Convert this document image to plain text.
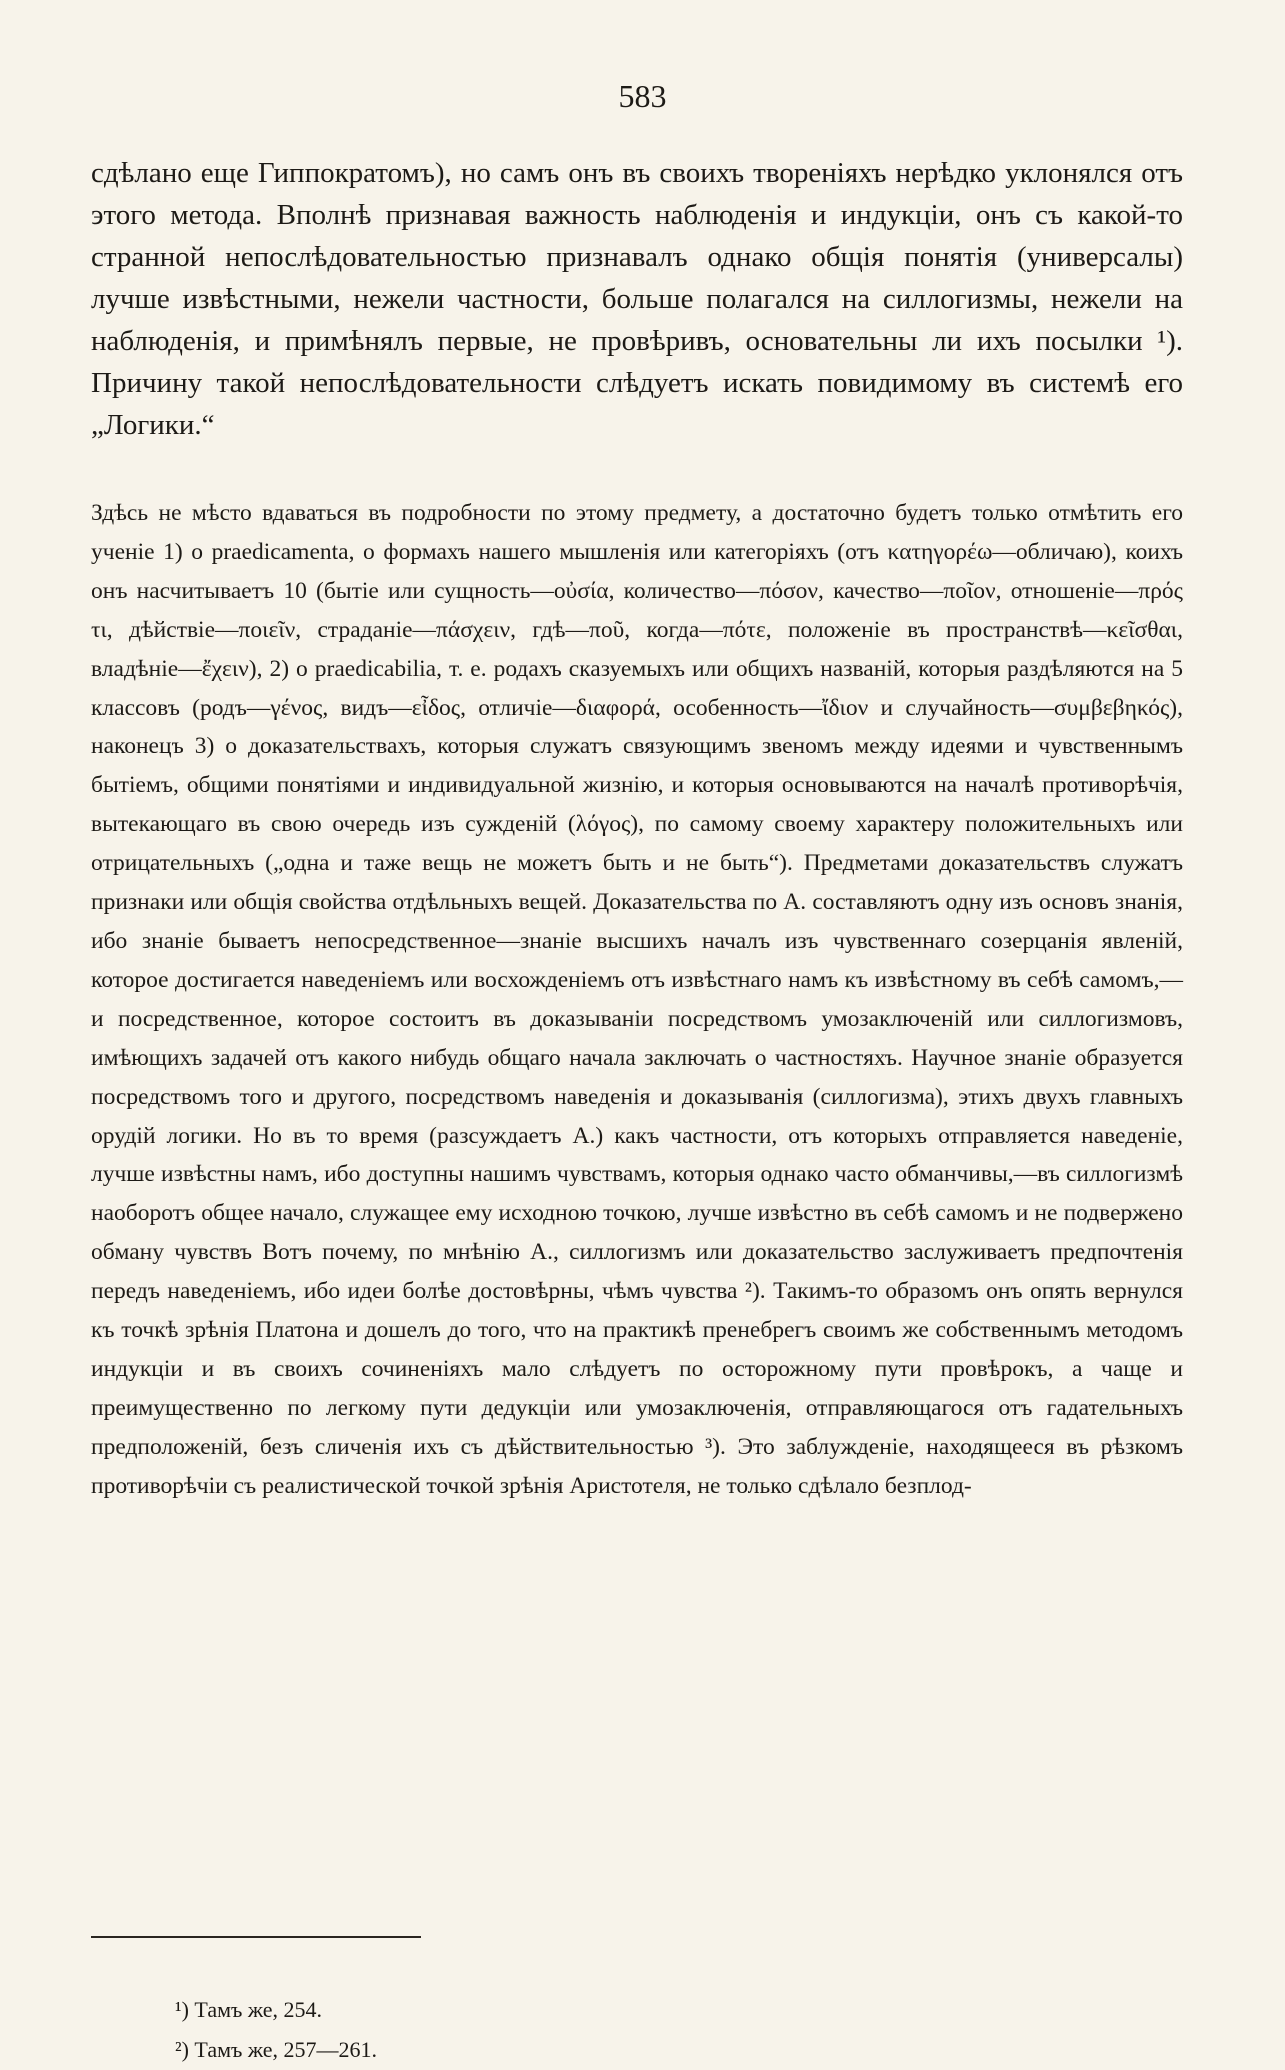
583

сдѣлано еще Гиппократомъ), но самъ онъ въ своихъ твореніяхъ нерѣдко уклонялся отъ этого метода. Вполнѣ признавая важность наблюденія и индукціи, онъ съ какой-то странной непослѣдовательностью признавалъ однако общія понятія (универсалы) лучше извѣстными, нежели частности, больше полагался на силлогизмы, нежели на наблюденія, и примѣнялъ первые, не провѣривъ, основательны ли ихъ посылки ¹). Причину такой непослѣдовательности слѣдуетъ искать повидимому въ системѣ его „Логики.“

Здѣсь не мѣсто вдаваться въ подробности по этому предмету, а достаточно будетъ только отмѣтить его ученіе 1) о praedicamenta, о формахъ нашего мышленія или категоріяхъ (отъ κατηγορέω—обличаю), коихъ онъ насчитываетъ 10 (бытіе или сущность—οὐσία, количество—πόσον, качество—ποῖον, отношеніе—πρός τι, дѣйствіе—ποιεῖν, страданіе—πάσχειν, гдѣ—ποῦ, когда—πότε, положеніе въ пространствѣ—κεῖσθαι, владѣніе—ἔχειν), 2) о praedicabilia, т. е. родахъ сказуемыхъ или общихъ названій, которыя раздѣляются на 5 классовъ (родъ—γένος, видъ—εἶδος, отличіе—διαφορά, особенность—ἴδιον и случайность—συμβεβηκός), наконецъ 3) о доказательствахъ, которыя служатъ связующимъ звеномъ между идеями и чувственнымъ бытіемъ, общими понятіями и индивидуальной жизнію, и которыя основываются на началѣ противорѣчія, вытекающаго въ свою очередь изъ сужденій (λόγος), по самому своему характеру положительныхъ или отрицательныхъ („одна и таже вещь не можетъ быть и не быть“). Предметами доказательствъ служатъ признаки или общія свойства отдѣльныхъ вещей. Доказательства по А. составляютъ одну изъ основъ знанія, ибо знаніе бываетъ непосредственное—знаніе высшихъ началъ изъ чувственнаго созерцанія явленій, которое достигается наведеніемъ или восхожденіемъ отъ извѣстнаго намъ къ извѣстному въ себѣ самомъ,—и посредственное, которое состоитъ въ доказываніи посредствомъ умозаключеній или силлогизмовъ, имѣющихъ задачей отъ какого нибудь общаго начала заключать о частностяхъ. Научное знаніе образуется посредствомъ того и другого, посредствомъ наведенія и доказыванія (силлогизма), этихъ двухъ главныхъ орудій логики. Но въ то время (разсуждаетъ А.) какъ частности, отъ которыхъ отправляется наведеніе, лучше извѣстны намъ, ибо доступны нашимъ чувствамъ, которыя однако часто обманчивы,—въ силлогизмѣ наоборотъ общее начало, служащее ему исходною точкою, лучше извѣстно въ себѣ самомъ и не подвержено обману чувствъ Вотъ почему, по мнѣнію А., силлогизмъ или доказательство заслуживаетъ предпочтенія передъ наведеніемъ, ибо идеи болѣе достовѣрны, чѣмъ чувства ²). Такимъ-то образомъ онъ опять вернулся къ точкѣ зрѣнія Платона и дошелъ до того, что на практикѣ пренебрегъ своимъ же собственнымъ методомъ индукціи и въ своихъ сочиненіяхъ мало слѣдуетъ по осторожному пути провѣрокъ, а чаще и преимущественно по легкому пути дедукціи или умозаключенія, отправляющагося отъ гадательныхъ предположеній, безъ сличенія ихъ съ дѣйствительностью ³). Это заблужденіе, находящееся въ рѣзкомъ противорѣчіи съ реалистической точкой зрѣнія Аристотеля, не только сдѣлало безплод-

¹) Тамъ же, 254.
²) Тамъ же, 257—261.
